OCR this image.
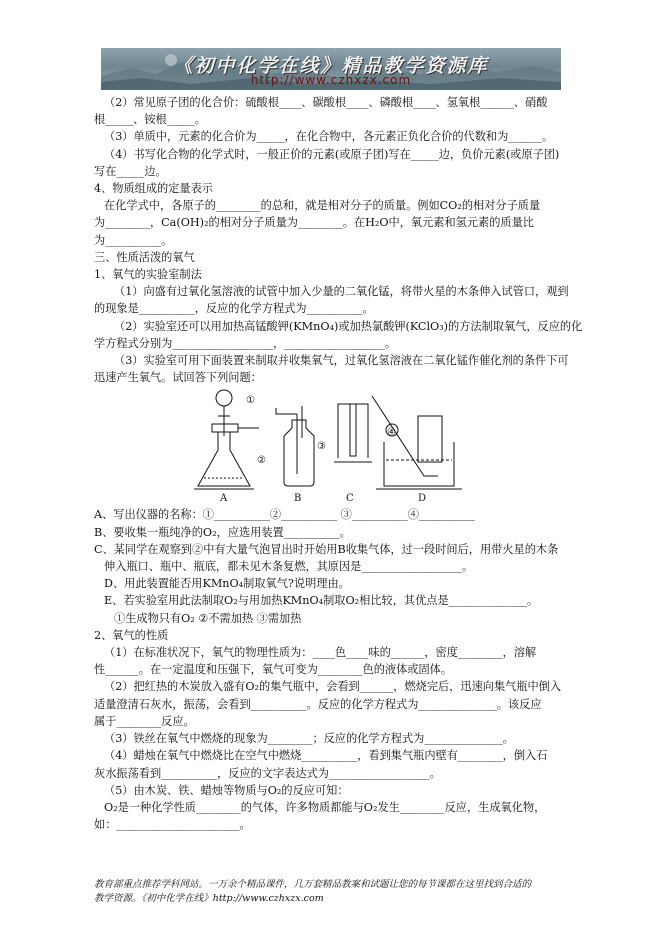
《初中化学在线》精品教学资源库
http://www.czhxzx.com

（2）常见原子团的化合价：硫酸根____、碳酸根____、磷酸根____、氢氧根______、硝酸

根_____、铵根_____。

（3）单质中，元素的化合价为_____，在化合物中，各元素正负化合价的代数和为______。

（4）书写化合物的化学式时，一般正价的元素(或原子团)写在_____边，负价元素(或原子团)

写在_____边。

4、物质组成的定量表示

在化学式中，各原子的________的总和，就是相对分子的质量。例如CO₂的相对分子质量

为________，Ca(OH)₂的相对分子质量为________。在H₂O中，氧元素和氢元素的质量比

为__________。

三、性质活泼的氧气

1、氧气的实验室制法

（1）向盛有过氧化氢溶液的试管中加入少量的二氧化锰，将带火星的木条伸入试管口，观到

的现象是__________，反应的化学方程式为__________。

（2）实验室还可以用加热高锰酸钾(KMnO₄)或加热氯酸钾(KClO₃)的方法制取氧气，反应的化

学方程式分别为__________________，__________________。

（3）实验室可用下面装置来制取并收集氧气，过氧化氢溶液在二氧化锰作催化剂的条件下可

迅速产生氧气。试回答下列问题：

①
②
③
④
A	B	C	D

A、写出仪器的名称：①__________②__________ ③__________④__________

B、要收集一瓶纯净的O₂，应选用装置__________。

C、某同学在观察到②中有大量气泡冒出时开始用B收集气体，过一段时间后，用带火星的木条

伸入瓶口、瓶中、瓶底，都未见木条复燃，其原因是__________________。

D、用此装置能否用KMnO₄制取氧气?说明理由。

E、若实验室用此法制取O₂与用加热KMnO₄制取O₂相比较，其优点是______________。

①生成物只有O₂ ②不需加热 ③需加热

2、氧气的性质

（1）在标准状况下，氧气的物理性质为：____色____味的______，密度________，溶解

性______。在一定温度和压强下，氧气可变为________色的液体或固体。

（2）把红热的木炭放入盛有O₂的集气瓶中，会看到______，燃烧完后，迅速向集气瓶中倒入

适量澄清石灰水，振荡，会看到__________。反应的化学方程式为______________。该反应

属于________反应。

（3）铁丝在氧气中燃烧的现象为________；反应的化学方程式为______________。

（4）蜡烛在氧气中燃烧比在空气中燃烧__________，看到集气瓶内壁有________，倒入石

灰水振荡看到__________，反应的文字表达式为__________________。

（5）由木炭、铁、蜡烛等物质与O₂的反应可知：

O₂是一种化学性质________的气体，许多物质都能与O₂发生________反应，生成氧化物，

如：______________________。

教育部重点推荐学科网站。一万余个精品课件，几万套精品教案和试题让您的每节课都在这里找到合适的

教学资源。《初中化学在线》http://www.czhxzx.com
